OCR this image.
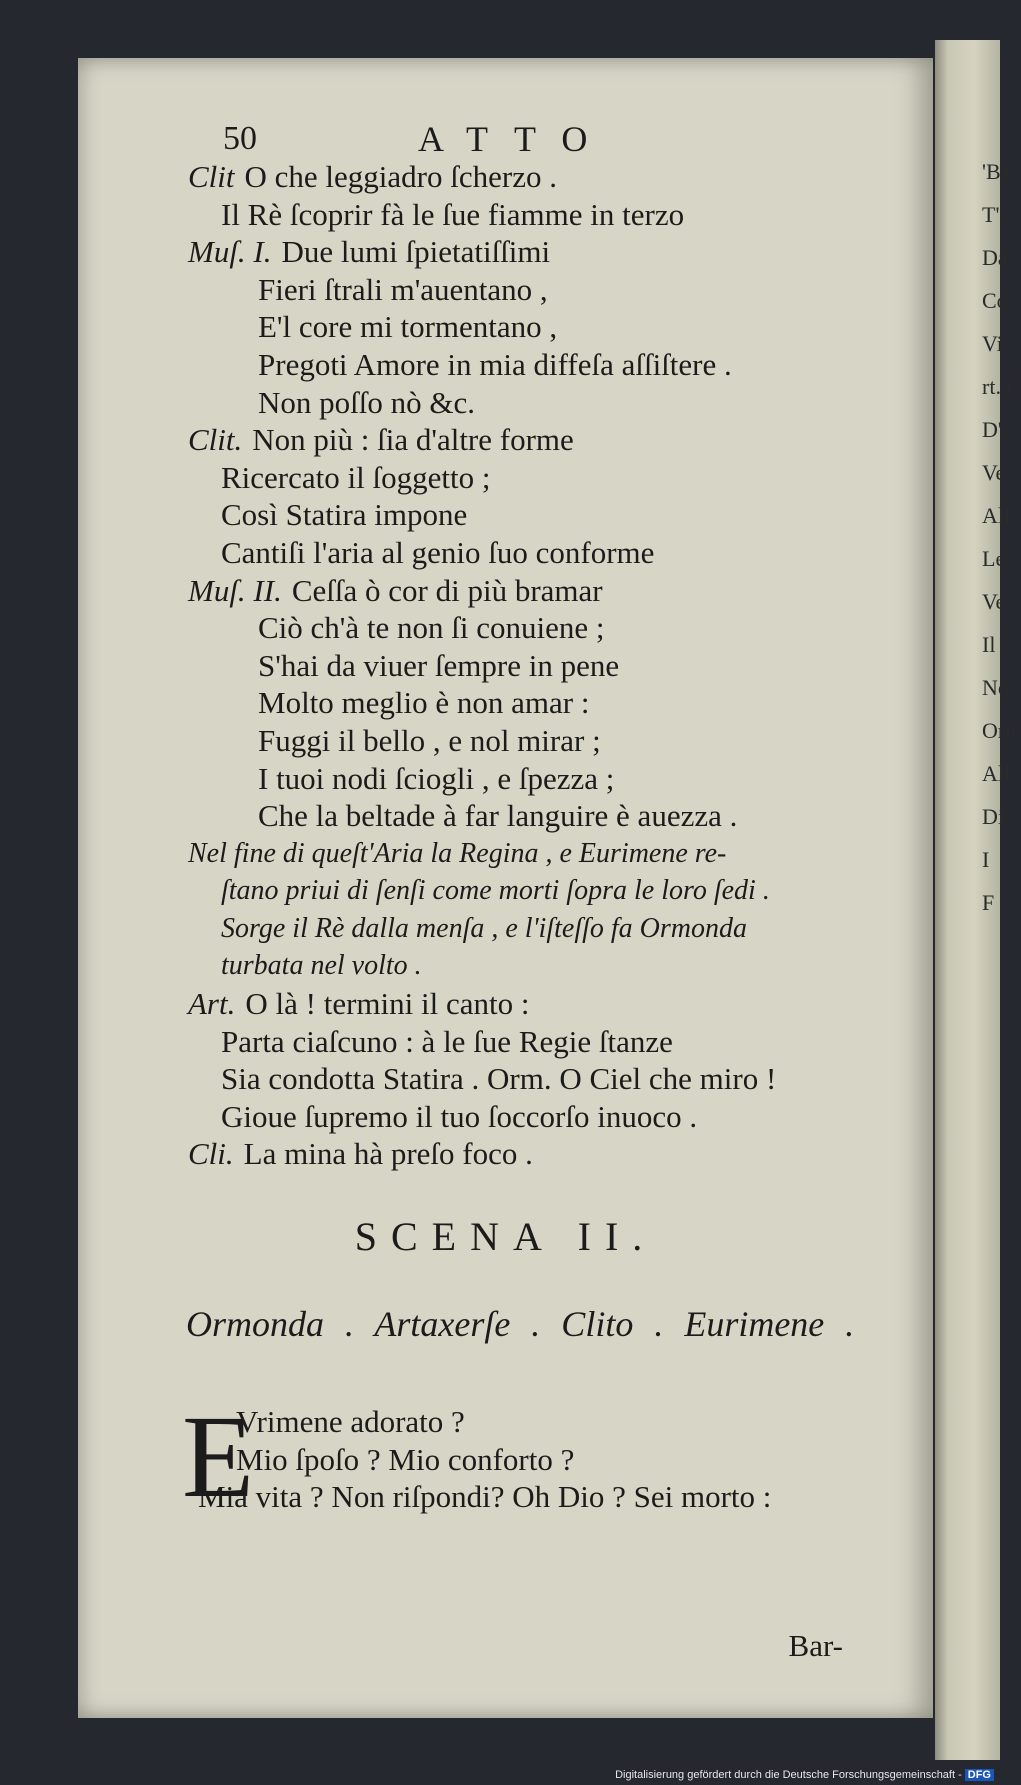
'Ba
T'
Da
Co
Vi
rt. C
D'
Ve
All
Le
Ve
Il
No
Orn
All
Di
I
F
50	ATTO
Clit O che leggiadro ſcherzo .
Il Rè ſcoprir fà le ſue fiamme in terzo
Muſ. I. Due lumi ſpietatiſſimi
Fieri ſtrali m'auentano ,
E'l core mi tormentano ,
Pregoti Amore in mia diffeſa aſſiſtere .
Non poſſo nò &c.
Clit. Non più : ſia d'altre forme
Ricercato il ſoggetto ;
Così Statira impone
Cantiſi l'aria al genio ſuo conforme
Muſ. II. Ceſſa ò cor di più bramar
Ciò ch'à te non ſi conuiene ;
S'hai da viuer ſempre in pene
Molto meglio è non amar :
Fuggi il bello , e nol mirar ;
I tuoi nodi ſciogli , e ſpezza ;
Che la beltade à far languire è auezza .
Nel fine di queſt'Aria la Regina , e Eurimene re-
ſtano priui di ſenſi come morti ſopra le loro ſedi .
Sorge il Rè dalla menſa , e l'iſteſſo fa Ormonda
turbata nel volto .
Art. O là ! termini il canto :
Parta ciaſcuno : à le ſue Regie ſtanze
Sia condotta Statira . Orm. O Ciel che miro !
Gioue ſupremo il tuo ſoccorſo inuoco .
Cli. La mina hà preſo foco .
SCENA II.
Ormonda . Artaxerſe . Clito . Eurimene .
E
Vrimene adorato ?
Mio ſpoſo ? Mio conforto ?
Mia vita ? Non riſpondi? Oh Dio ? Sei morto :
Bar-
Digitalisierung gefördert durch die Deutsche Forschungsgemeinschaft - DFG
